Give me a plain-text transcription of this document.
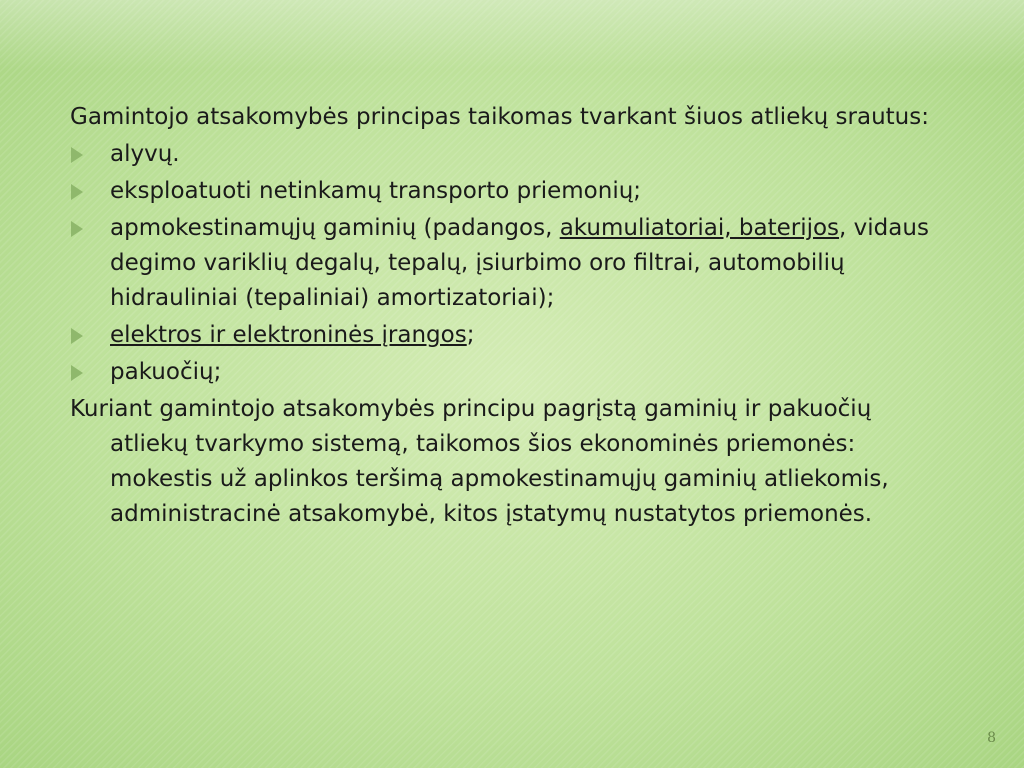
Gamintojo atsakomybės principas taikomas tvarkant šiuos atliekų srautus:

alyvų.
eksploatuoti netinkamų transporto priemonių;
apmokestinamųjų gaminių (padangos, akumuliatoriai, baterijos, vidaus degimo variklių degalų, tepalų, įsiurbimo oro filtrai, automobilių hidrauliniai (tepaliniai) amortizatoriai);
elektros ir elektroninės įrangos;
pakuočių;

Kuriant gamintojo atsakomybės principu pagrįstą gaminių ir pakuočių atliekų tvarkymo sistemą, taikomos šios ekonominės priemonės: mokestis už aplinkos teršimą apmokestinamųjų gaminių atliekomis, administracinė atsakomybė, kitos įstatymų nustatytos priemonės.

8
